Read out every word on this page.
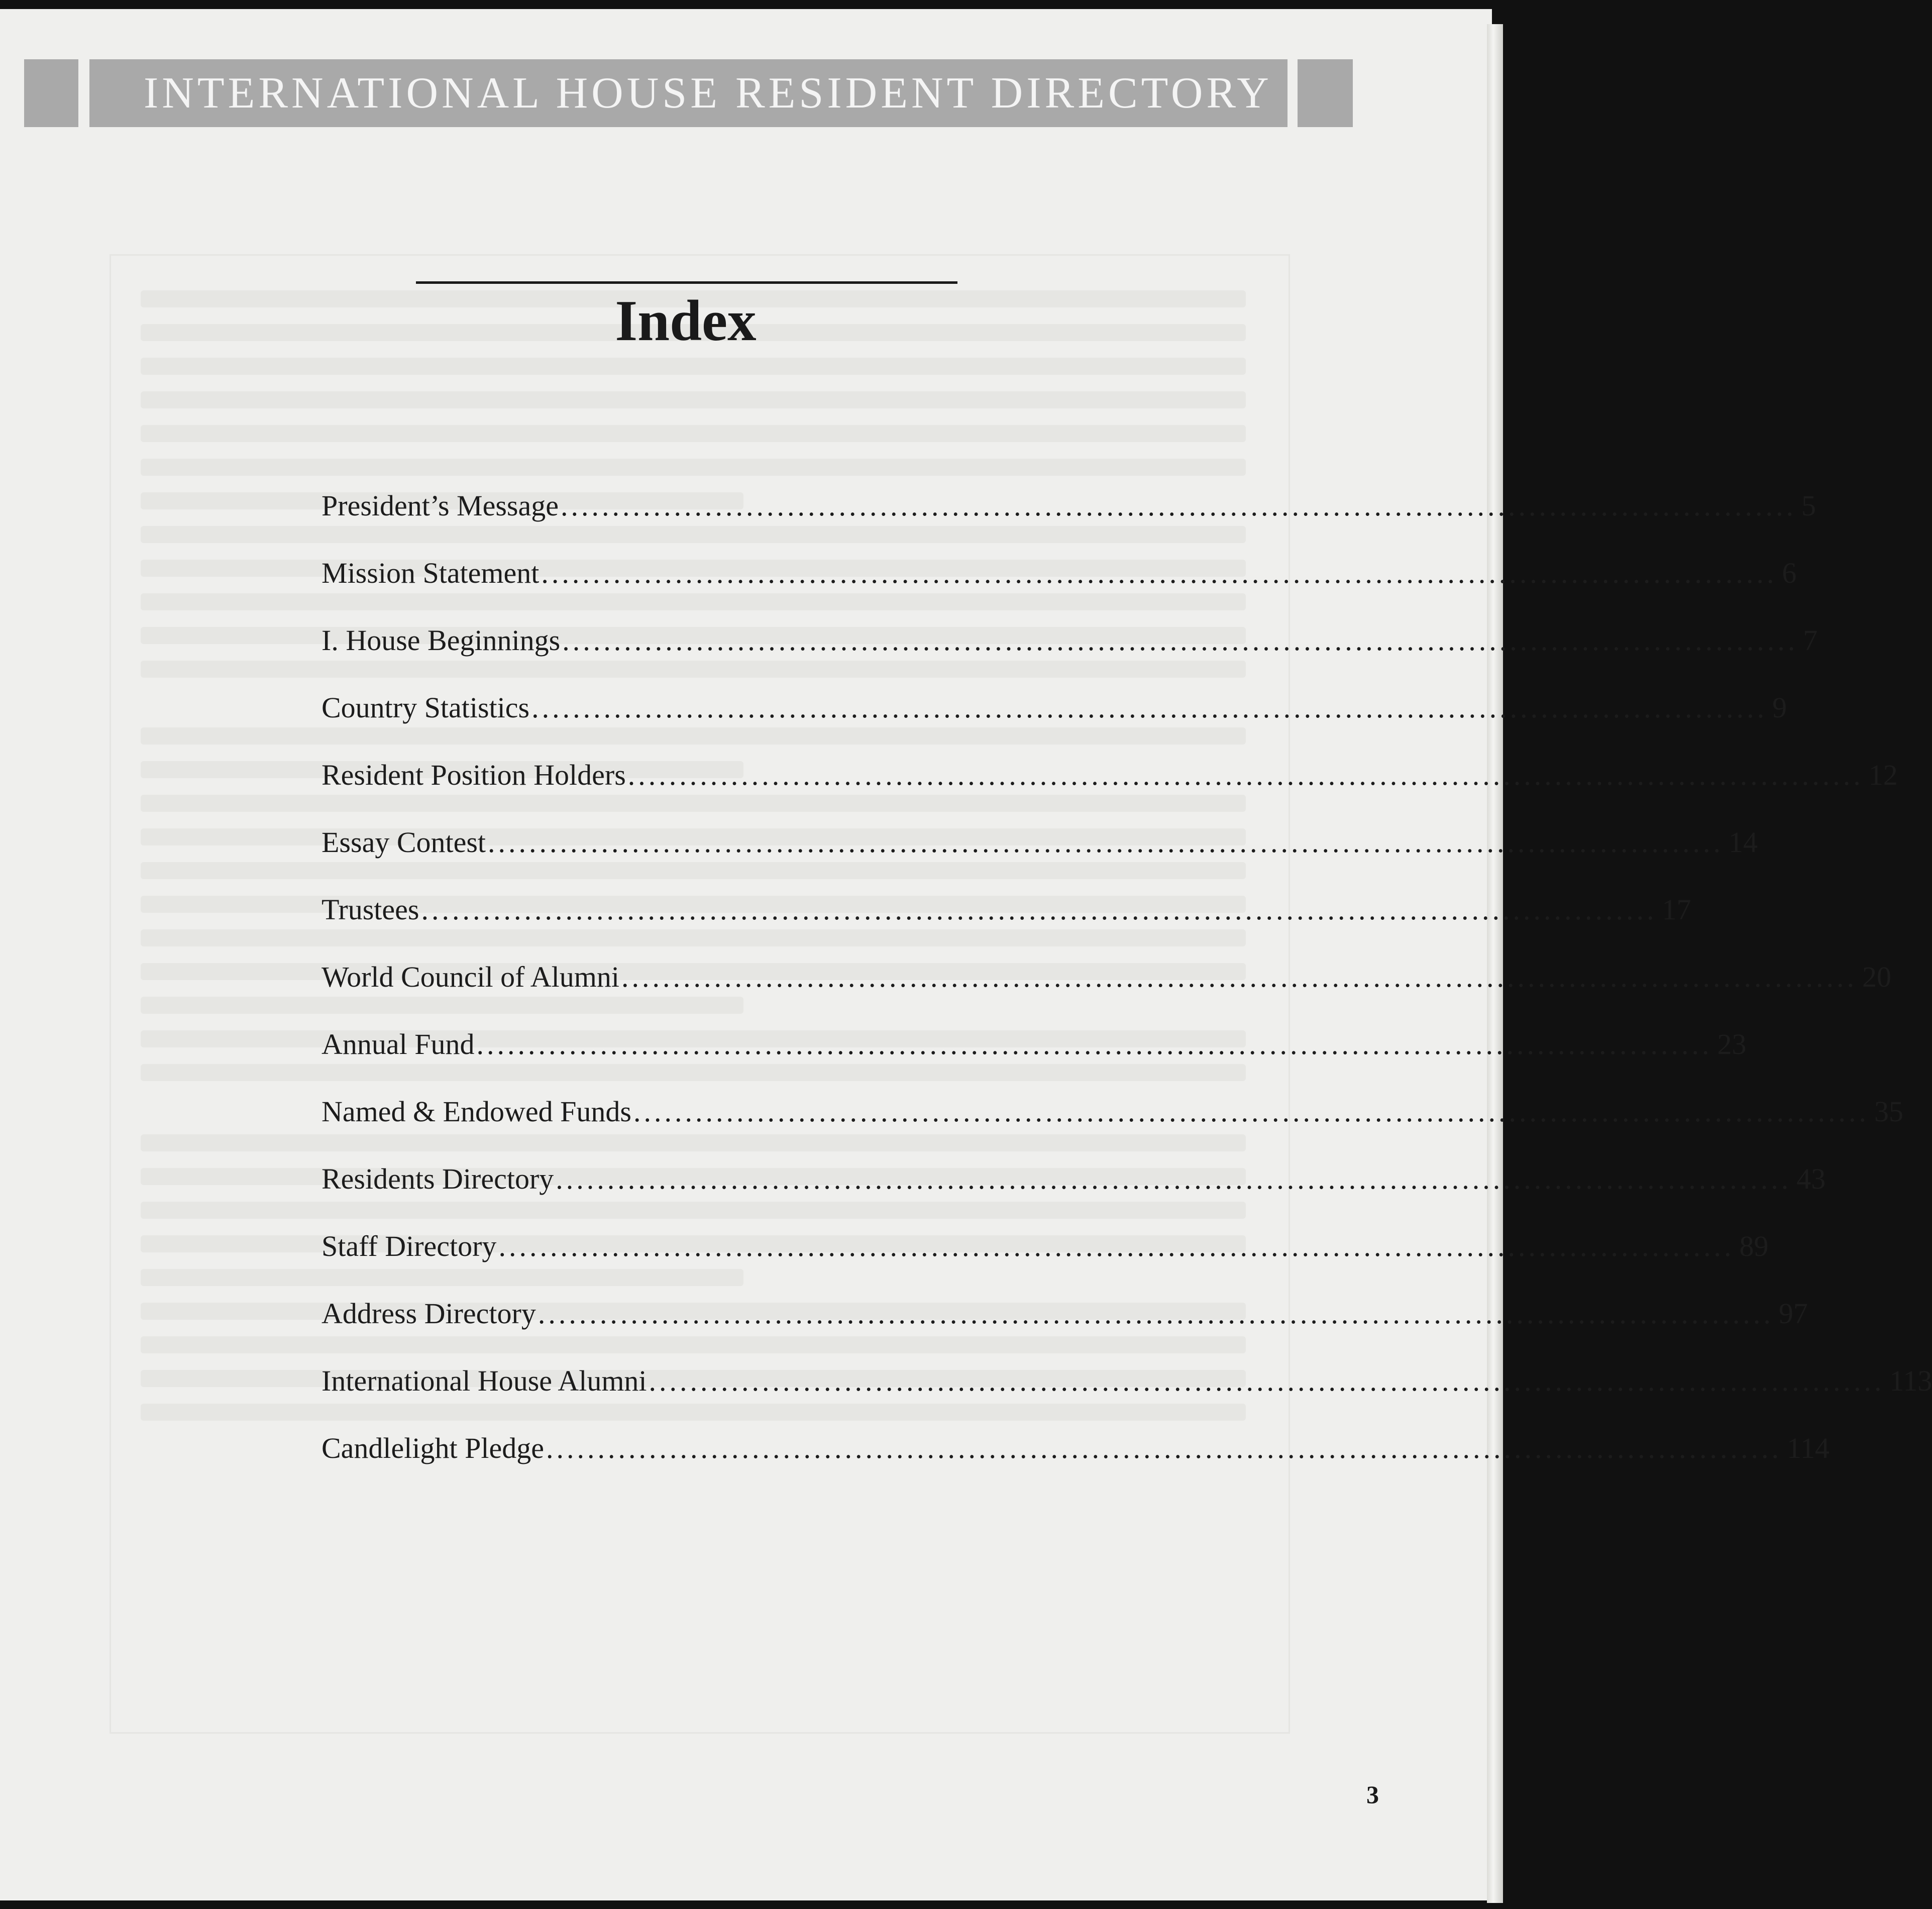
INTERNATIONAL HOUSE RESIDENT DIRECTORY
Index
President’s Message ........................................................................................................................ 5
Mission Statement ........................................................................................................................ 6
I. House Beginnings ........................................................................................................................ 7
Country Statistics ........................................................................................................................ 9
Resident Position Holders ........................................................................................................................ 12
Essay Contest ........................................................................................................................ 14
Trustees ........................................................................................................................ 17
World Council of Alumni ........................................................................................................................ 20
Annual Fund ........................................................................................................................ 23
Named & Endowed Funds ........................................................................................................................ 35
Residents Directory ........................................................................................................................ 43
Staff Directory ........................................................................................................................ 89
Address Directory ........................................................................................................................ 97
International House Alumni ........................................................................................................................ 113
Candlelight Pledge ........................................................................................................................ 114
3
